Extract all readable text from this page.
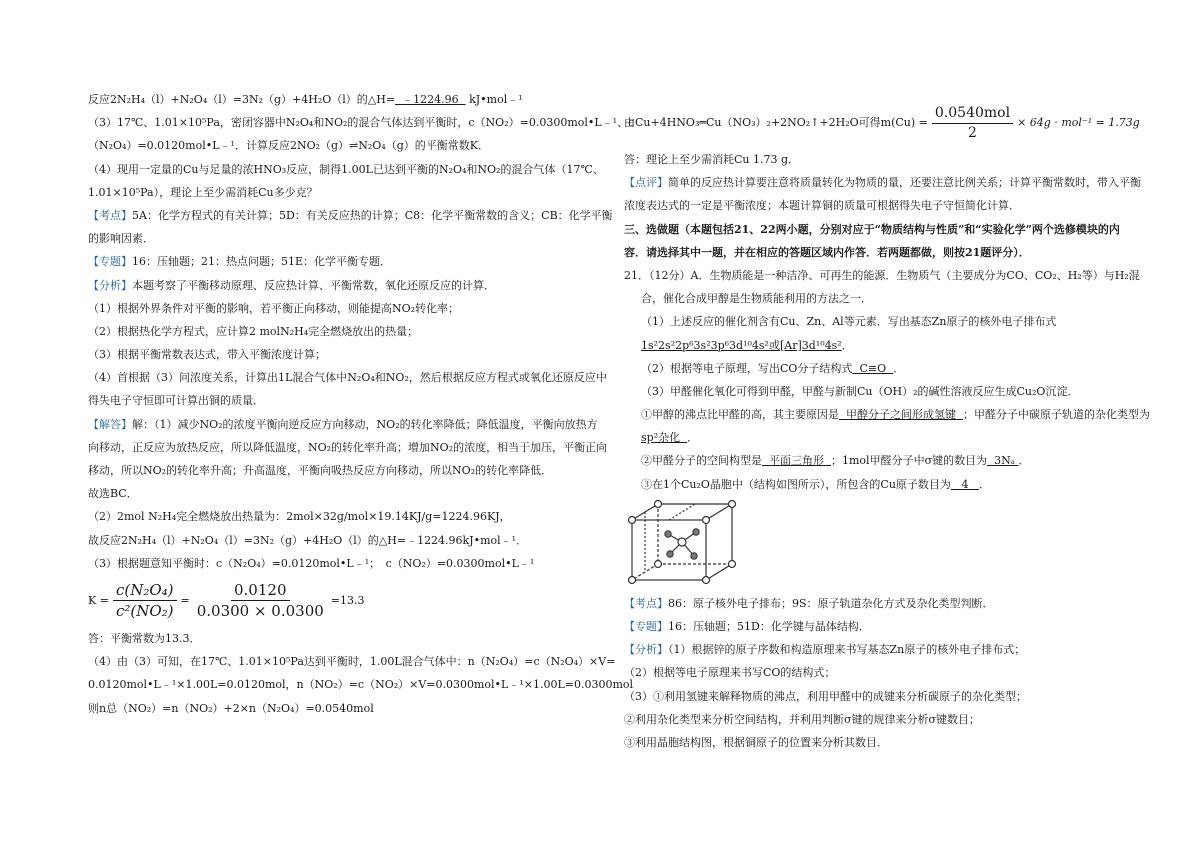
反应2N₂H₄（l）+N₂O₄（l）=3N₂（g）+4H₂O（l）的△H= ﹣1224.96 kJ•mol﹣¹
（3）17℃、1.01×10⁵Pa，密闭容器中N₂O₄和NO₂的混合气体达到平衡时，c（NO₂）=0.0300mol•L﹣¹、c
（N₂O₄）=0.0120mol•L﹣¹．计算反应2NO₂（g）⇌N₂O₄（g）的平衡常数K．
（4）现用一定量的Cu与足量的浓HNO₃反应，制得1.00L已达到平衡的N₂O₄和NO₂的混合气体（17℃、
1.01×10⁵Pa），理论上至少需消耗Cu多少克？
【考点】5A：化学方程式的有关计算；5D：有关反应热的计算；C8：化学平衡常数的含义；CB：化学平衡
的影响因素．
【专题】16：压轴题；21：热点问题；51E：化学平衡专题．
【分析】本题考察了平衡移动原理、反应热计算、平衡常数，氧化还原反应的计算．
（1）根据外界条件对平衡的影响，若平衡正向移动，则能提高NO₂转化率；
（2）根据热化学方程式，应计算2 molN₂H₄完全燃烧放出的热量；
（3）根据平衡常数表达式，带入平衡浓度计算；
（4）首根据（3）问浓度关系，计算出1L混合气体中N₂O₄和NO₂，然后根据反应方程式或氧化还原反应中
得失电子守恒即可计算出铜的质量．
【解答】解：（1）减少NO₂的浓度平衡向逆反应方向移动，NO₂的转化率降低；降低温度，平衡向放热方
向移动，正反应为放热反应，所以降低温度，NO₂的转化率升高；增加NO₂的浓度，相当于加压，平衡正向
移动，所以NO₂的转化率升高；升高温度，平衡向吸热反应方向移动，所以NO₂的转化率降低．
故选BC．
（2）2mol N₂H₄完全燃烧放出热量为：2mol×32g/mol×19.14KJ/g=1224.96KJ，
故反应2N₂H₄（l）+N₂O₄（l）=3N₂（g）+4H₂O（l）的△H=﹣1224.96kJ•mol﹣¹．
（3）根据题意知平衡时：c（N₂O₄）=0.0120mol•L﹣¹；　c（NO₂）=0.0300mol•L﹣¹
$K = \frac{\text{c(N₂O₄)}}{\text{c²(NO₂)}} = \frac{0.0120}{0.0300 \times 0.0300} =13.3$
答：平衡常数为13.3．
（4）由（3）可知，在17℃、1.01×10⁵Pa达到平衡时，1.00L混合气体中：n（N₂O₄）=c（N₂O₄）×V=
0.0120mol•L﹣¹×1.00L=0.0120mol，n（NO₂）=c（NO₂）×V=0.0300mol•L﹣¹×1.00L=0.0300mol
则n总（NO₂）=n（NO₂）+2×n（N₂O₄）=0.0540mol
由Cu+4HNO₃═Cu（NO₃）₂+2NO₂↑+2H₂O可得$m(Cu) = \frac{\text{0.0540mol}}{2} \times 64g \cdot mol^{-1} = 1.73g$
答：理论上至少需消耗Cu 1.73 g．
【点评】简单的反应热计算要注意将质量转化为物质的量，还要注意比例关系；计算平衡常数时，带入平衡
浓度表达式的一定是平衡浓度；本题计算铜的质量可根据得失电子守恒简化计算．
三、选做题（本题包括21、22两小题，分别对应于“物质结构与性质”和“实验化学”两个选修模块的内
容．请选择其中一题，并在相应的答题区域内作答．若两题都做，则按21题评分）．
21．（12分）A．生物质能是一种洁净、可再生的能源．生物质气（主要成分为CO、CO₂、H₂等）与H₂混
合，催化合成甲醇是生物质能利用的方法之一．
（1）上述反应的催化剂含有Cu、Zn、Al等元素．写出基态Zn原子的核外电子排布式
1s²2s²2p⁶3s²3p⁶3d¹⁰4s²或[Ar]3d¹⁰4s²．
（2）根据等电子原理，写出CO分子结构式 C≡O ．
（3）甲醛催化氧化可得到甲醛，甲醛与新制Cu（OH）₂的碱性溶液反应生成Cu₂O沉淀．
①甲醇的沸点比甲醛的高，其主要原因是 甲醇分子之间形成氢键 ；甲醛分子中碳原子轨道的杂化类型为
sp²杂化 ．
②甲醛分子的空间构型是 平面三角形 ；1mol甲醛分子中σ键的数目为 3Nₐ ．
③在1个Cu₂O晶胞中（结构如图所示），所包含的Cu原子数目为 4 ．
【考点】86：原子核外电子排布；9S：原子轨道杂化方式及杂化类型判断．
【专题】16：压轴题；51D：化学键与晶体结构．
【分析】（1）根据锌的原子序数和构造原理来书写基态Zn原子的核外电子排布式；
（2）根据等电子原理来书写CO的结构式；
（3）①利用氢键来解释物质的沸点，利用甲醛中的成键来分析碳原子的杂化类型；
②利用杂化类型来分析空间结构，并利用判断σ键的规律来分析σ键数目；
③利用晶胞结构图，根据铜原子的位置来分析其数目．
